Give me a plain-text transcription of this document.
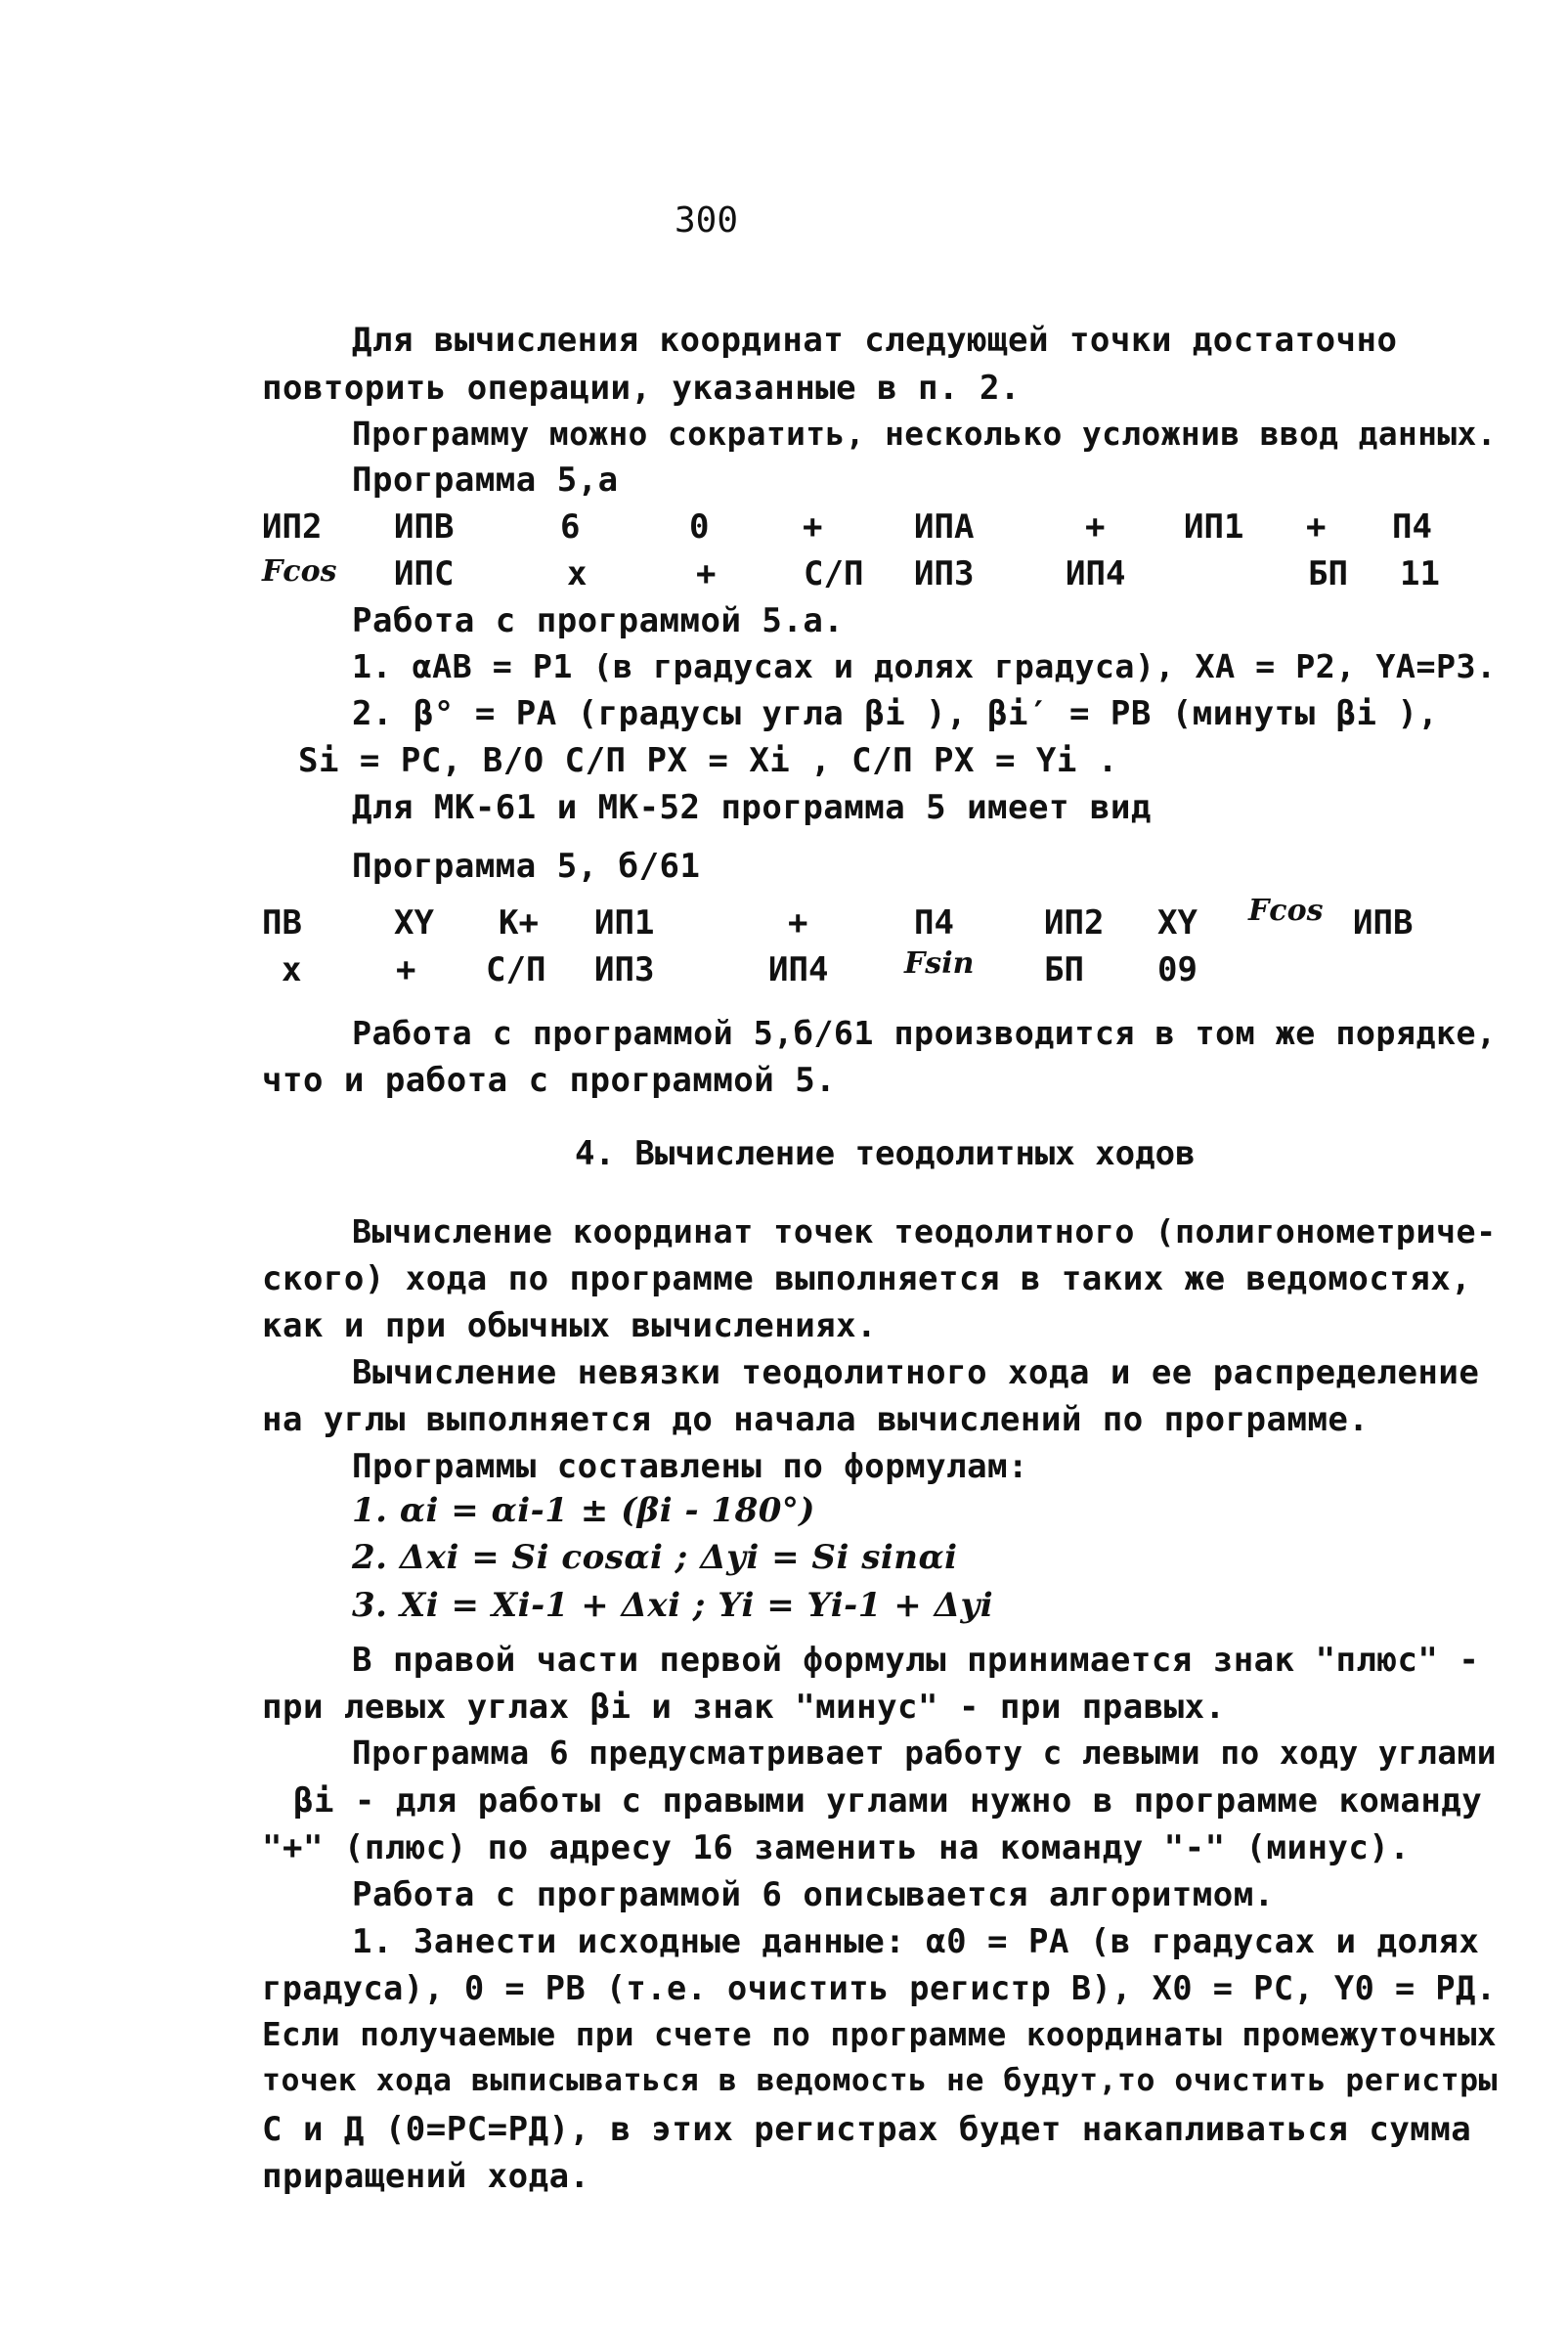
300
Для вычисления координат следующей точки достаточно
повторить операции, указанные в п. 2.
Программу можно сократить, несколько усложнив ввод данных.
Программа 5,а
ИП2 ИПВ	6	0	+	ИПА	+ ИП1 + П4
Fcos ИПС	x	+	С/П ИП3	ИП4	БП 11
Работа с программой 5.а.
1. αAB = Р1 (в градусах и долях градуса), XA = P2, YA=P3.
2. β° = РА (градусы угла βi ), βi′ = РВ (минуты βi ),
Si = PC, В/О С/П РХ = Xi , С/П РХ = Yi .
Для МК-61 и МК-52 программа 5 имеет вид
Программа 5, б/61
ПВ	XY K+ ИП1	+	П4	ИП2 XY Fcos ИПВ
x	+ С/П ИП3	ИП4	Fsin БП 09
Работа с программой 5,б/61 производится в том же порядке,
что и работа с программой 5.
4. Вычисление теодолитных ходов
Вычисление координат точек теодолитного (полигонометриче-
ского) хода по программе выполняется в таких же ведомостях,
как и при обычных вычислениях.
Вычисление невязки теодолитного хода и ее распределение
на углы выполняется до начала вычислений по программе.
Программы составлены по формулам:
1. αi = αi-1 ± (βi - 180°)
2. Δxi = Si cosαi ; Δyi = Si sinαi
3. Xi = Xi-1 + Δxi ; Yi = Yi-1 + Δyi
В правой части первой формулы принимается знак "плюс" -
при левых углах βi и знак "минус" - при правых.
Программа 6 предусматривает работу с левыми по ходу углами
βi - для работы с правыми углами нужно в программе команду
"+" (плюс) по адресу 16 заменить на команду "-" (минус).
Работа с программой 6 описывается алгоритмом.
1. Занести исходные данные: α0 = РА (в градусах и долях
градуса), 0 = РВ (т.е. очистить регистр В), X0 = PC, Y0 = РД.
Если получаемые при счете по программе координаты промежуточных
точек хода выписываться в ведомость не будут,то очистить регистры
С и Д (0=РС=РД), в этих регистрах будет накапливаться сумма
приращений хода.
